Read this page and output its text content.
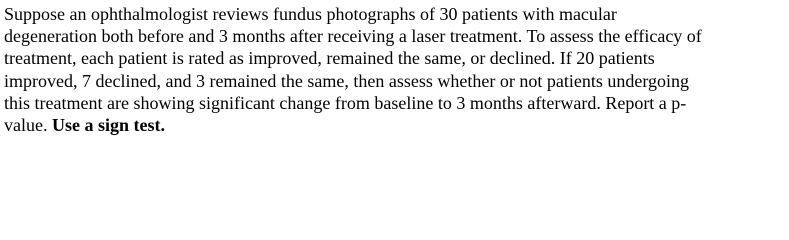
Suppose an ophthalmologist reviews fundus photographs of 30 patients with macular
degeneration both before and 3 months after receiving a laser treatment. To assess the efficacy of
treatment, each patient is rated as improved, remained the same, or declined. If 20 patients
improved, 7 declined, and 3 remained the same, then assess whether or not patients undergoing
this treatment are showing significant change from baseline to 3 months afterward. Report a p-
value. Use a sign test.
